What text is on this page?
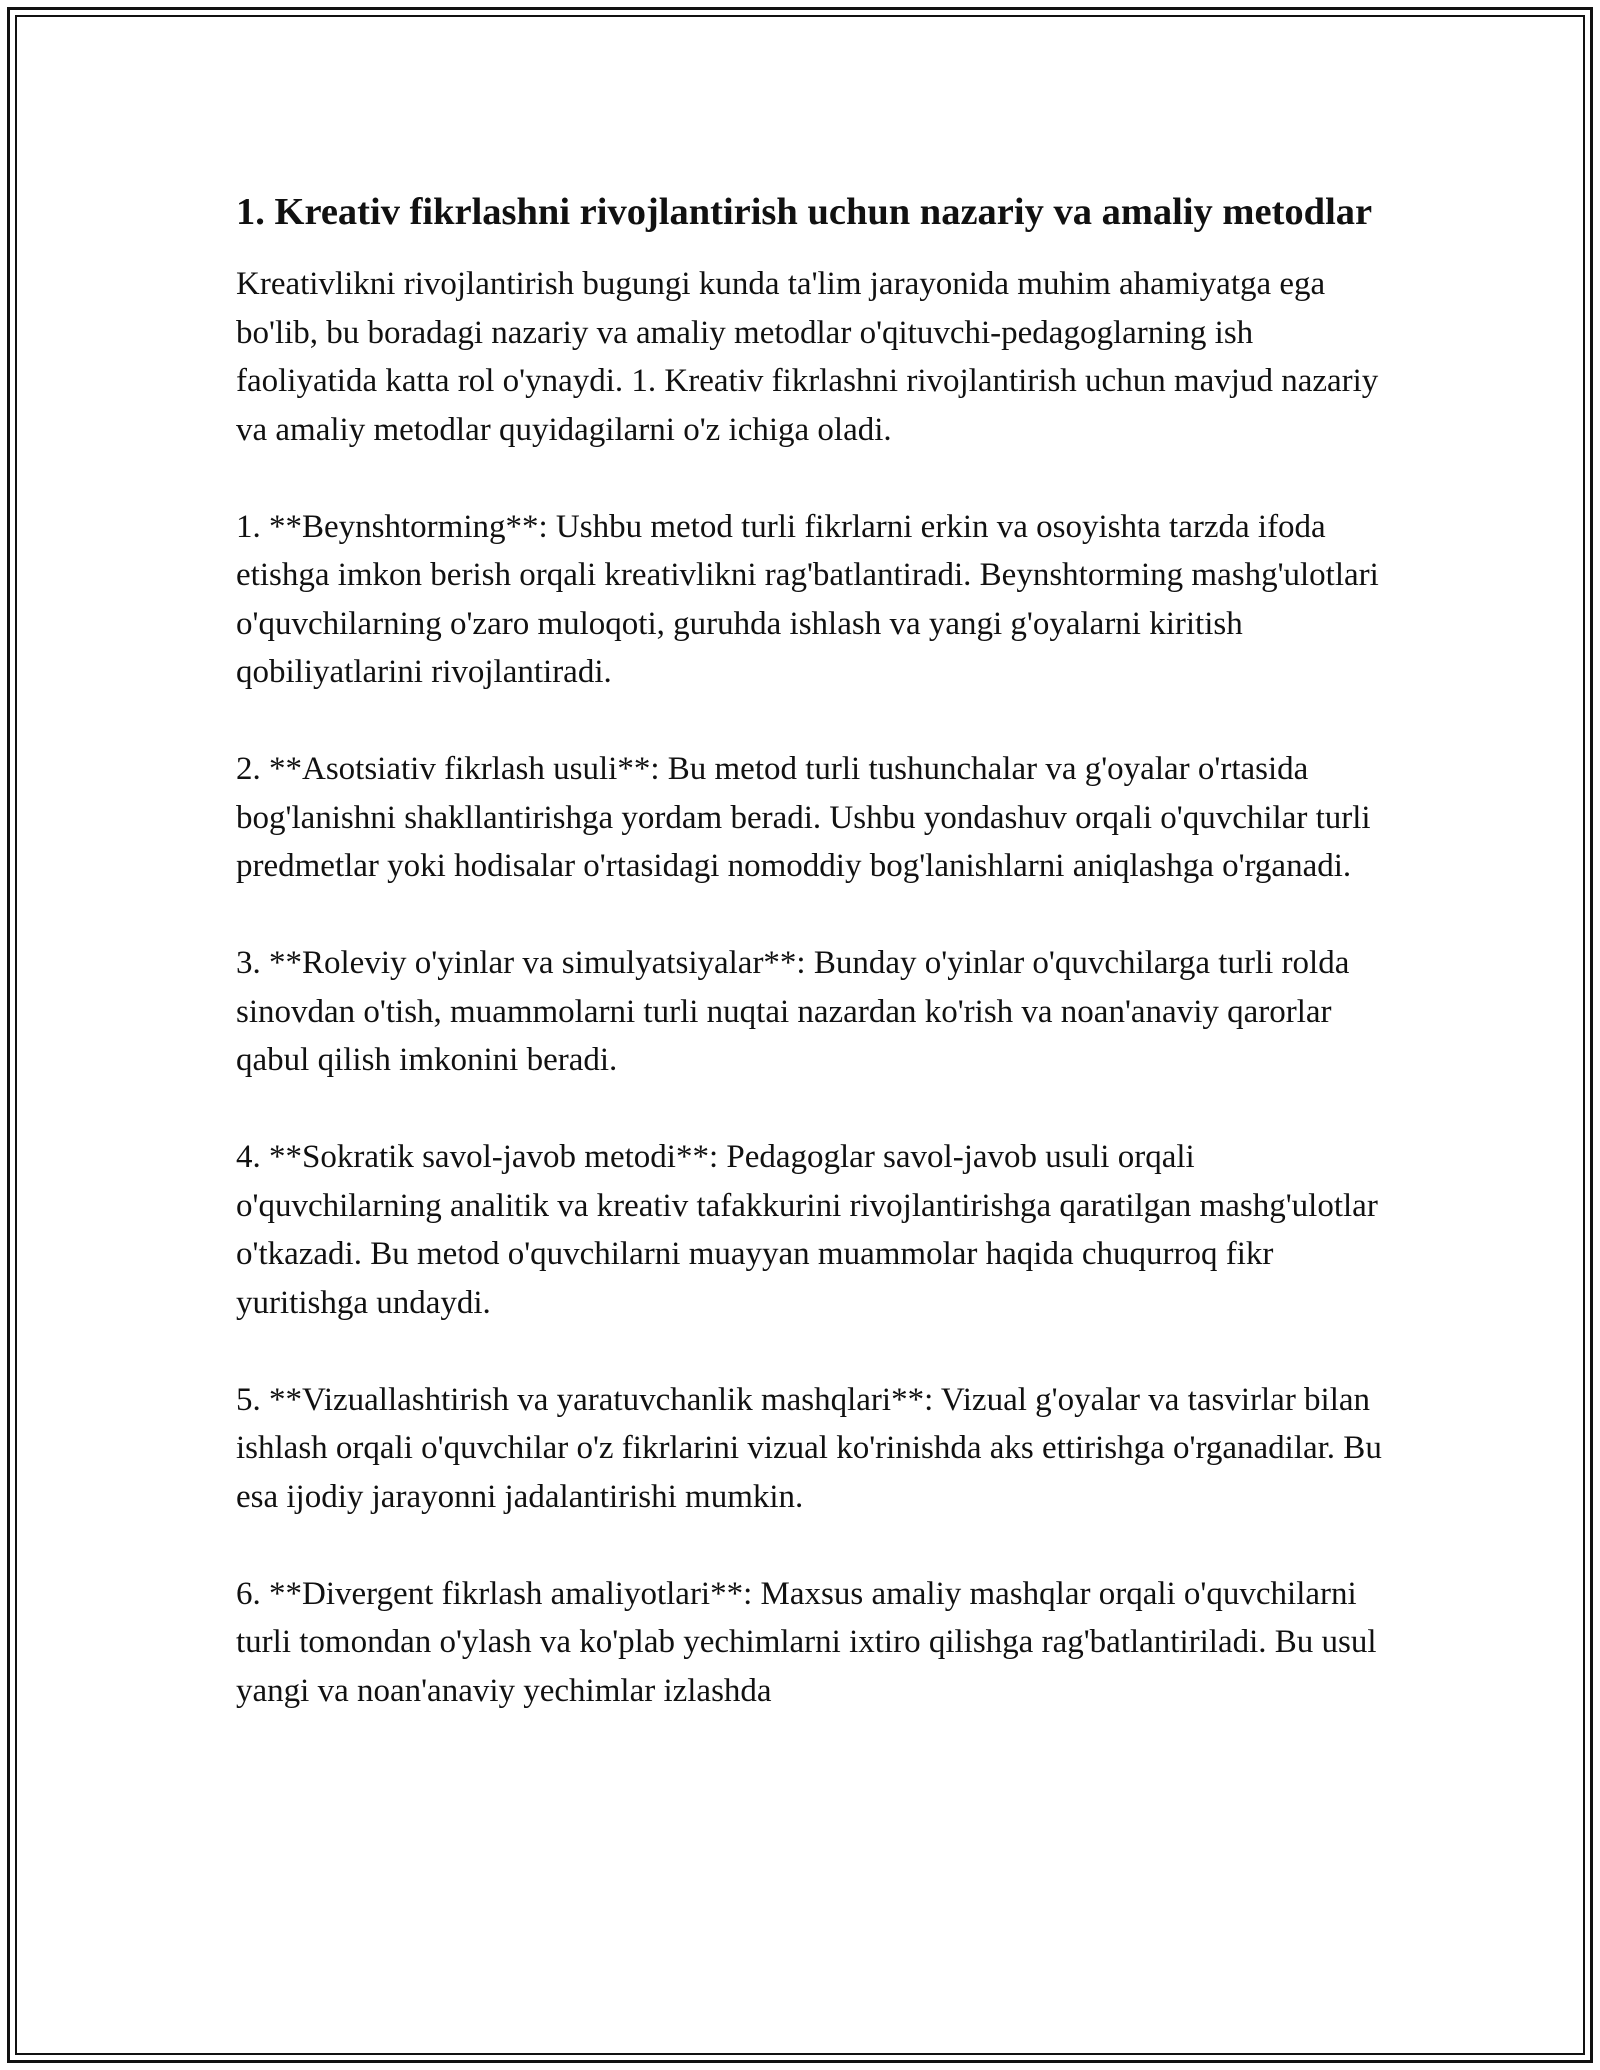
1. Kreativ fikrlashni rivojlantirish uchun nazariy va amaliy metodlar

Kreativlikni rivojlantirish bugungi kunda ta'lim jarayonida muhim ahamiyatga ega bo'lib, bu boradagi nazariy va amaliy metodlar o'qituvchi-pedagoglarning ish faoliyatida katta rol o'ynaydi. 1. Kreativ fikrlashni rivojlantirish uchun mavjud nazariy va amaliy metodlar quyidagilarni o'z ichiga oladi.

1. **Beynshtorming**: Ushbu metod turli fikrlarni erkin va osoyishta tarzda ifoda etishga imkon berish orqali kreativlikni rag'batlantiradi. Beynshtorming mashg'ulotlari o'quvchilarning o'zaro muloqoti, guruhda ishlash va yangi g'oyalarni kiritish qobiliyatlarini rivojlantiradi.

2. **Asotsiativ fikrlash usuli**: Bu metod turli tushunchalar va g'oyalar o'rtasida bog'lanishni shakllantirishga yordam beradi. Ushbu yondashuv orqali o'quvchilar turli predmetlar yoki hodisalar o'rtasidagi nomoddiy bog'lanishlarni aniqlashga o'rganadi.

3. **Roleviy o'yinlar va simulyatsiyalar**: Bunday o'yinlar o'quvchilarga turli rolda sinovdan o'tish, muammolarni turli nuqtai nazardan ko'rish va noan'anaviy qarorlar qabul qilish imkonini beradi.

4. **Sokratik savol-javob metodi**: Pedagoglar savol-javob usuli orqali o'quvchilarning analitik va kreativ tafakkurini rivojlantirishga qaratilgan mashg'ulotlar o'tkazadi. Bu metod o'quvchilarni muayyan muammolar haqida chuqurroq fikr yuritishga undaydi.

5. **Vizuallashtirish va yaratuvchanlik mashqlari**: Vizual g'oyalar va tasvirlar bilan ishlash orqali o'quvchilar o'z fikrlarini vizual ko'rinishda aks ettirishga o'rganadilar. Bu esa ijodiy jarayonni jadalantirishi mumkin.

6. **Divergent fikrlash amaliyotlari**: Maxsus amaliy mashqlar orqali o'quvchilarni turli tomondan o'ylash va ko'plab yechimlarni ixtiro qilishga rag'batlantiriladi. Bu usul yangi va noan'anaviy yechimlar izlashda
